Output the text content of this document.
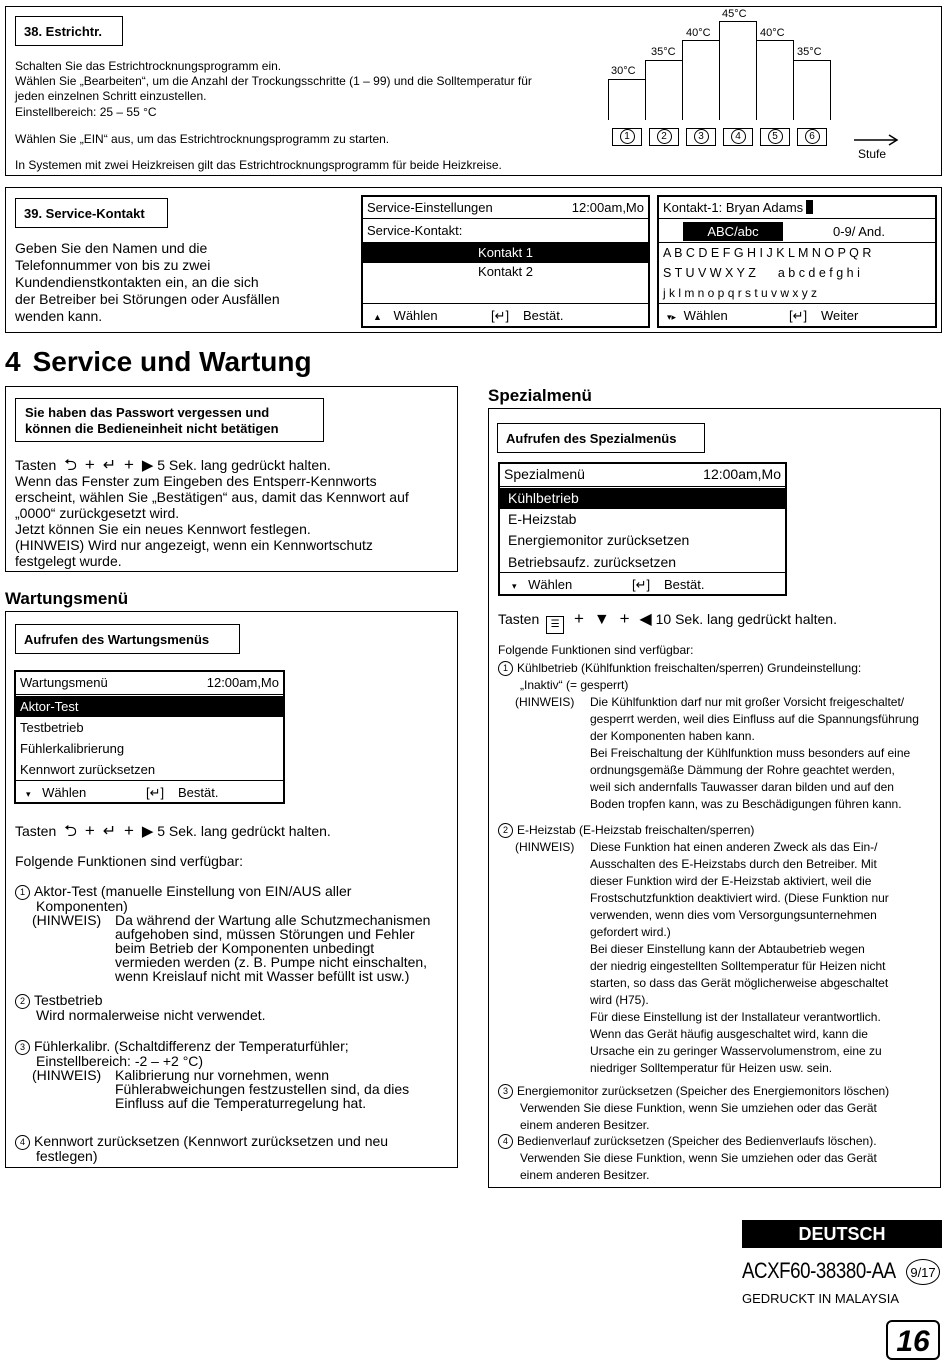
38. Estrichtr.
Schalten Sie das Estrichtrocknungsprogramm ein.
Wählen Sie „Bearbeiten“, um die Anzahl der Trockungsschritte (1 – 99) und die Solltemperatur für
jeden einzelnen Schritt einzustellen.
Einstellbereich: 25 – 55 °C
Wählen Sie „EIN“ aus, um das Estrichtrocknungsprogramm zu starten.
In Systemen mit zwei Heizkreisen gilt das Estrichtrocknungsprogramm für beide Heizkreise.
30°C
35°C
40°C
45°C
40°C
35°C
1	2	3	4	5	6
Stufe
39. Service-Kontakt
Geben Sie den Namen und die
Telefonnummer von bis zu zwei
Kundendienstkontakten ein, an die sich
der Betreiber bei Störungen oder Ausfällen
wenden kann.
Service-Einstellungen	12:00am,Mo
Service-Kontakt:
Kontakt 1
Kontakt 2
▲ Wählen	[↵] Bestät.
Kontakt-1: Bryan Adams
ABC/abc	0-9/ And.
A B C D E F G H I J K L M N O P Q R
S T U V W X Y Z a b c d e f g h i
j k l m n o p q r s t u v w x y z
▾▸ Wählen	[↵] Weiter
4 Service und Wartung
Sie haben das Passwort vergessen und
können die Bedieneinheit nicht betätigen
Tasten ⮌ + ↵ + ▶ 5 Sek. lang gedrückt halten.
Wenn das Fenster zum Eingeben des Entsperr-Kennworts
erscheint, wählen Sie „Bestätigen“ aus, damit das Kennwort auf
„0000“ zurückgesetzt wird.
Jetzt können Sie ein neues Kennwort festlegen.
(HINWEIS) Wird nur angezeigt, wenn ein Kennwortschutz
festgelegt wurde.
Wartungsmenü
Aufrufen des Wartungsmenüs
Wartungsmenü	12:00am,Mo
Aktor-Test
Testbetrieb
Fühlerkalibrierung
Kennwort zurücksetzen
▾ Wählen	[↵] Bestät.
Tasten ⮌ + ↵ + ▶ 5 Sek. lang gedrückt halten.
Folgende Funktionen sind verfügbar:
1 Aktor-Test (manuelle Einstellung von EIN/AUS aller
Komponenten)
(HINWEIS) Da während der Wartung alle Schutzmechanismen
aufgehoben sind, müssen Störungen und Fehler
beim Betrieb der Komponenten unbedingt
vermieden werden (z. B. Pumpe nicht einschalten,
wenn Kreislauf nicht mit Wasser befüllt ist usw.)
2 Testbetrieb
Wird normalerweise nicht verwendet.
3 Fühlerkalibr. (Schaltdifferenz der Temperaturfühler;
Einstellbereich: -2 – +2 °C)
(HINWEIS) Kalibrierung nur vornehmen, wenn
Fühlerabweichungen festzustellen sind, da dies
Einfluss auf die Temperaturregelung hat.
4 Kennwort zurücksetzen (Kennwort zurücksetzen und neu
festlegen)
Spezialmenü
Aufrufen des Spezialmenüs
Spezialmenü	12:00am,Mo
Kühlbetrieb
E-Heizstab
Energiemonitor zurücksetzen
Betriebsaufz. zurücksetzen
▾ Wählen	[↵] Bestät.
Tasten ☰ + ▼ + ◀ 10 Sek. lang gedrückt halten.
Folgende Funktionen sind verfügbar:
1 Kühlbetrieb (Kühlfunktion freischalten/sperren) Grundeinstellung:
„Inaktiv“ (= gesperrt)
(HINWEIS) Die Kühlfunktion darf nur mit großer Vorsicht freigeschaltet/
gesperrt werden, weil dies Einfluss auf die Spannungsführung
der Komponenten haben kann.
Bei Freischaltung der Kühlfunktion muss besonders auf eine
ordnungsgemäße Dämmung der Rohre geachtet werden,
weil sich andernfalls Tauwasser daran bilden und auf den
Boden tropfen kann, was zu Beschädigungen führen kann.
2 E-Heizstab (E-Heizstab freischalten/sperren)
(HINWEIS) Diese Funktion hat einen anderen Zweck als das Ein-/
Ausschalten des E-Heizstabs durch den Betreiber. Mit
dieser Funktion wird der E-Heizstab aktiviert, weil die
Frostschutzfunktion deaktiviert wird. (Diese Funktion nur
verwenden, wenn dies vom Versorgungsunternehmen
gefordert wird.)
Bei dieser Einstellung kann der Abtaubetrieb wegen
der niedrig eingestellten Solltemperatur für Heizen nicht
starten, so dass das Gerät möglicherweise abgeschaltet
wird (H75).
Für diese Einstellung ist der Installateur verantwortlich.
Wenn das Gerät häufig ausgeschaltet wird, kann die
Ursache ein zu geringer Wasservolumenstrom, eine zu
niedriger Solltemperatur für Heizen usw. sein.
3 Energiemonitor zurücksetzen (Speicher des Energiemonitors löschen)
Verwenden Sie diese Funktion, wenn Sie umziehen oder das Gerät
einem anderen Besitzer.
4 Bedienverlauf zurücksetzen (Speicher des Bedienverlaufs löschen).
Verwenden Sie diese Funktion, wenn Sie umziehen oder das Gerät
einem anderen Besitzer.
DEUTSCH
ACXF60-38380-AA	9/17
GEDRUCKT IN MALAYSIA
16
